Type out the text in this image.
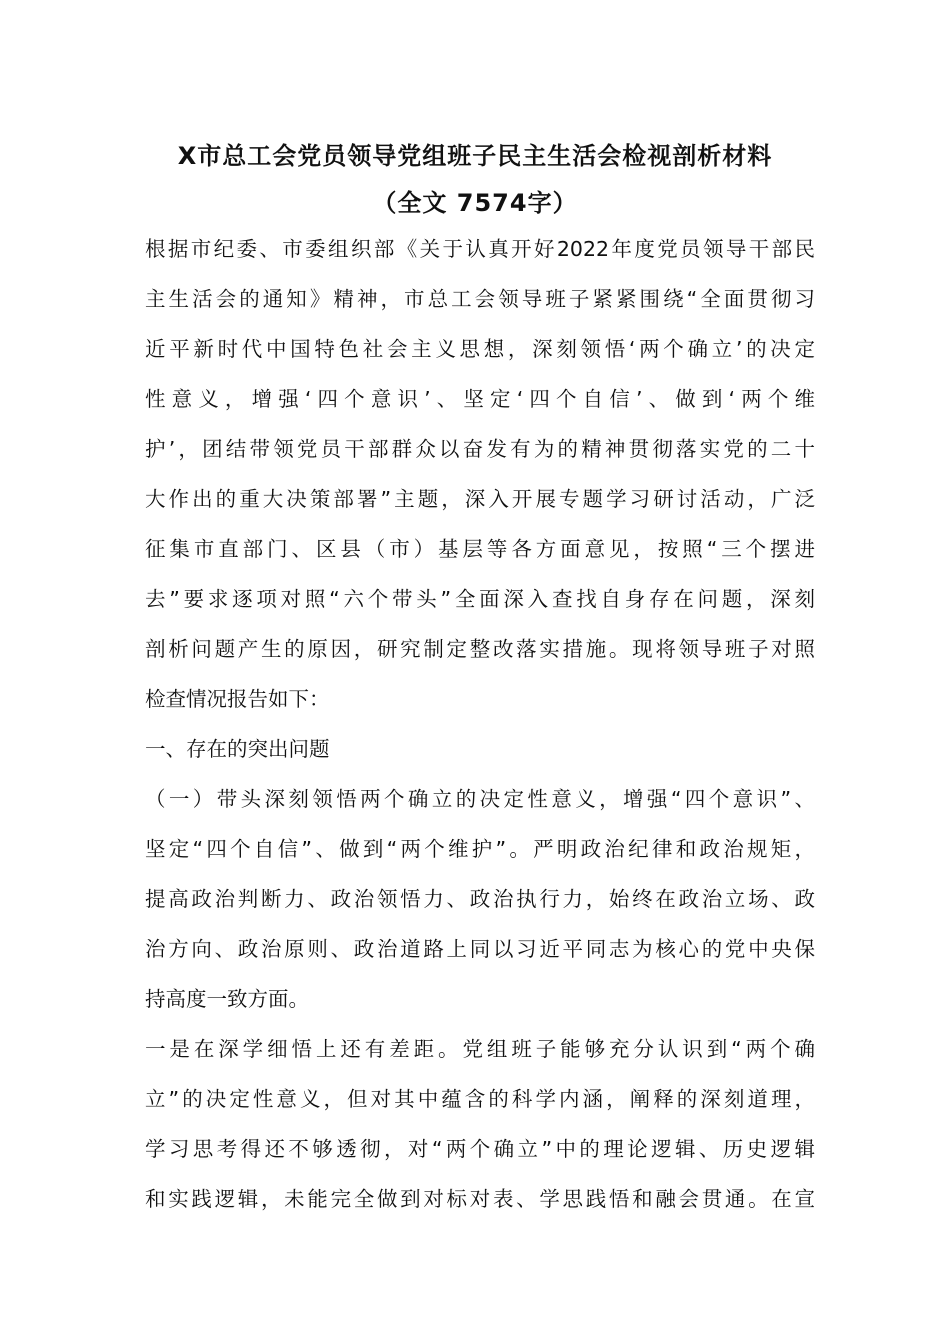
X市总工会党员领导党组班子民主生活会检视剖析材料
（全文 7574字）
根据市纪委、市委组织部《关于认真开好2022年度党员领导干部民
主生活会的通知》精神，市总工会领导班子紧紧围绕“全面贯彻习
近平新时代中国特色社会主义思想，深刻领悟‘两个确立’的决定
性意义，增强‘四个意识’、坚定‘四个自信’、做到‘两个维
护’，团结带领党员干部群众以奋发有为的精神贯彻落实党的二十
大作出的重大决策部署”主题，深入开展专题学习研讨活动，广泛
征集市直部门、区县（市）基层等各方面意见，按照“三个摆进
去”要求逐项对照“六个带头”全面深入查找自身存在问题，深刻
剖析问题产生的原因，研究制定整改落实措施。现将领导班子对照
检查情况报告如下：
一、存在的突出问题
（一）带头深刻领悟两个确立的决定性意义，增强“四个意识”、
坚定“四个自信”、做到“两个维护”。严明政治纪律和政治规矩，
提高政治判断力、政治领悟力、政治执行力，始终在政治立场、政
治方向、政治原则、政治道路上同以习近平同志为核心的党中央保
持高度一致方面。
一是在深学细悟上还有差距。党组班子能够充分认识到“两个确
立”的决定性意义，但对其中蕴含的科学内涵，阐释的深刻道理，
学习思考得还不够透彻，对“两个确立”中的理论逻辑、历史逻辑
和实践逻辑，未能完全做到对标对表、学思践悟和融会贯通。在宣
